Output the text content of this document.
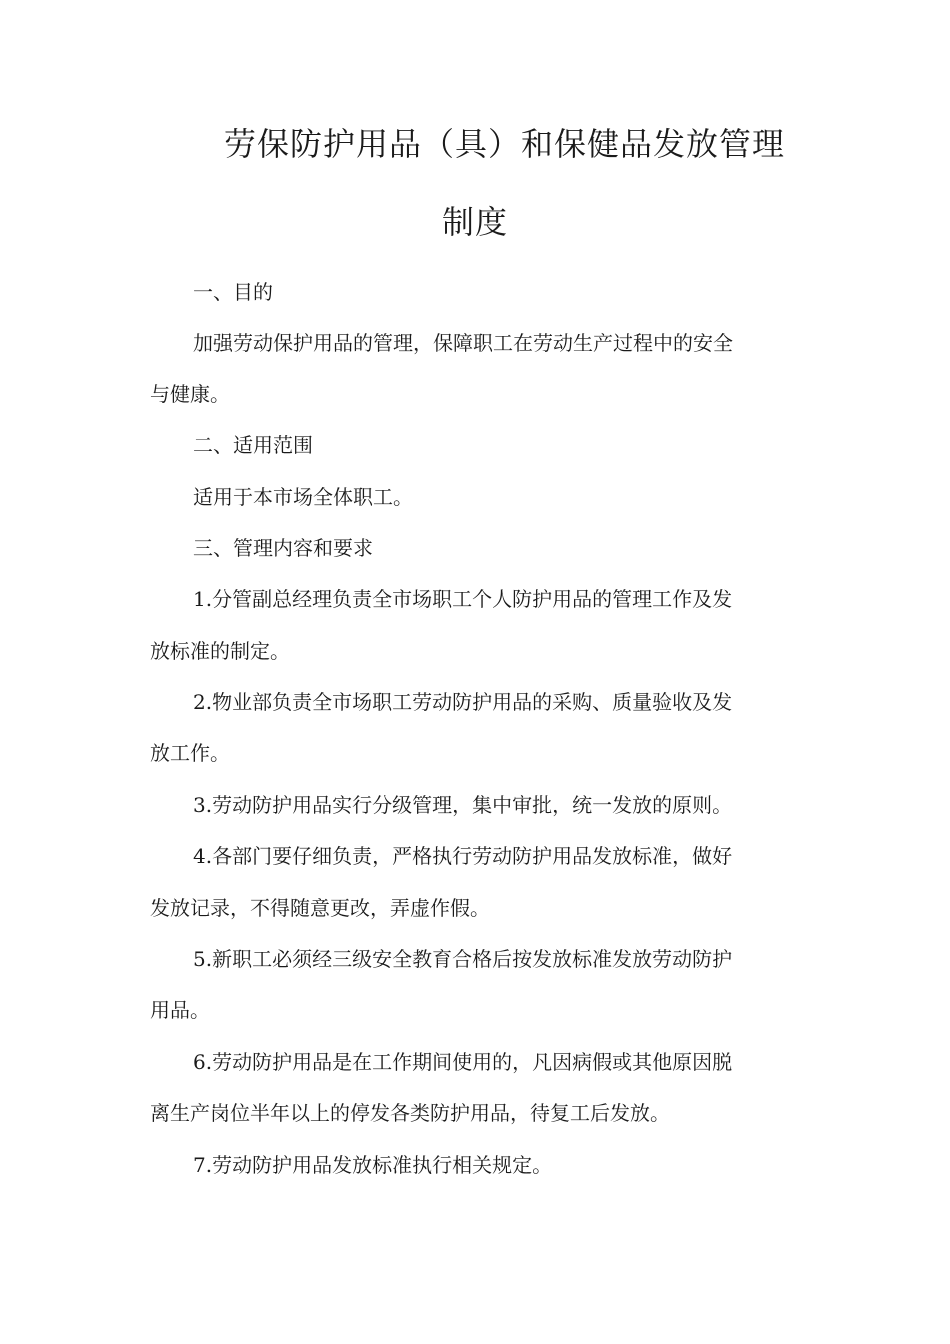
劳保防护用品（具）和保健品发放管理
制度
一、目的
加强劳动保护用品的管理，保障职工在劳动生产过程中的安全
与健康。
二、适用范围
适用于本市场全体职工。
三、管理内容和要求
1.分管副总经理负责全市场职工个人防护用品的管理工作及发
放标准的制定。
2.物业部负责全市场职工劳动防护用品的采购、质量验收及发
放工作。
3.劳动防护用品实行分级管理，集中审批，统一发放的原则。
4.各部门要仔细负责，严格执行劳动防护用品发放标准，做好
发放记录，不得随意更改，弄虚作假。
5.新职工必须经三级安全教育合格后按发放标准发放劳动防护
用品。
6.劳动防护用品是在工作期间使用的，凡因病假或其他原因脱
离生产岗位半年以上的停发各类防护用品，待复工后发放。
7.劳动防护用品发放标准执行相关规定。
